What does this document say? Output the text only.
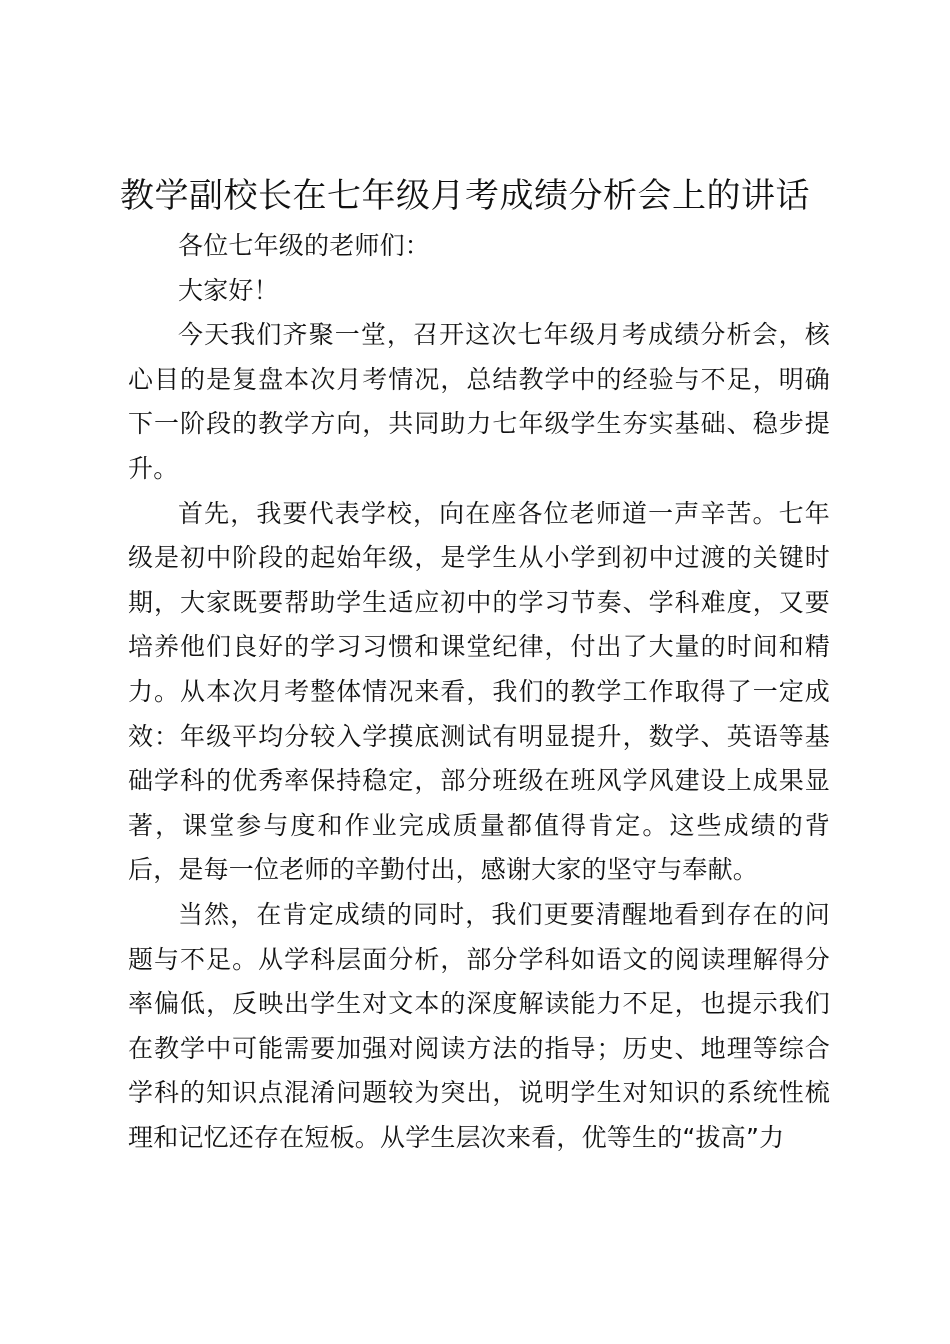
教学副校长在七年级月考成绩分析会上的讲话

各位七年级的老师们：

大家好！

今天我们齐聚一堂，召开这次七年级月考成绩分析会，核心目的是复盘本次月考情况，总结教学中的经验与不足，明确下一阶段的教学方向，共同助力七年级学生夯实基础、稳步提升。

首先，我要代表学校，向在座各位老师道一声辛苦。七年级是初中阶段的起始年级，是学生从小学到初中过渡的关键时期，大家既要帮助学生适应初中的学习节奏、学科难度，又要培养他们良好的学习习惯和课堂纪律，付出了大量的时间和精力。从本次月考整体情况来看，我们的教学工作取得了一定成效：年级平均分较入学摸底测试有明显提升，数学、英语等基础学科的优秀率保持稳定，部分班级在班风学风建设上成果显著，课堂参与度和作业完成质量都值得肯定。这些成绩的背后，是每一位老师的辛勤付出，感谢大家的坚守与奉献。

当然，在肯定成绩的同时，我们更要清醒地看到存在的问题与不足。从学科层面分析，部分学科如语文的阅读理解得分率偏低，反映出学生对文本的深度解读能力不足，也提示我们在教学中可能需要加强对阅读方法的指导；历史、地理等综合学科的知识点混淆问题较为突出，说明学生对知识的系统性梳理和记忆还存在短板。从学生层次来看，优等生的“拔高”力
